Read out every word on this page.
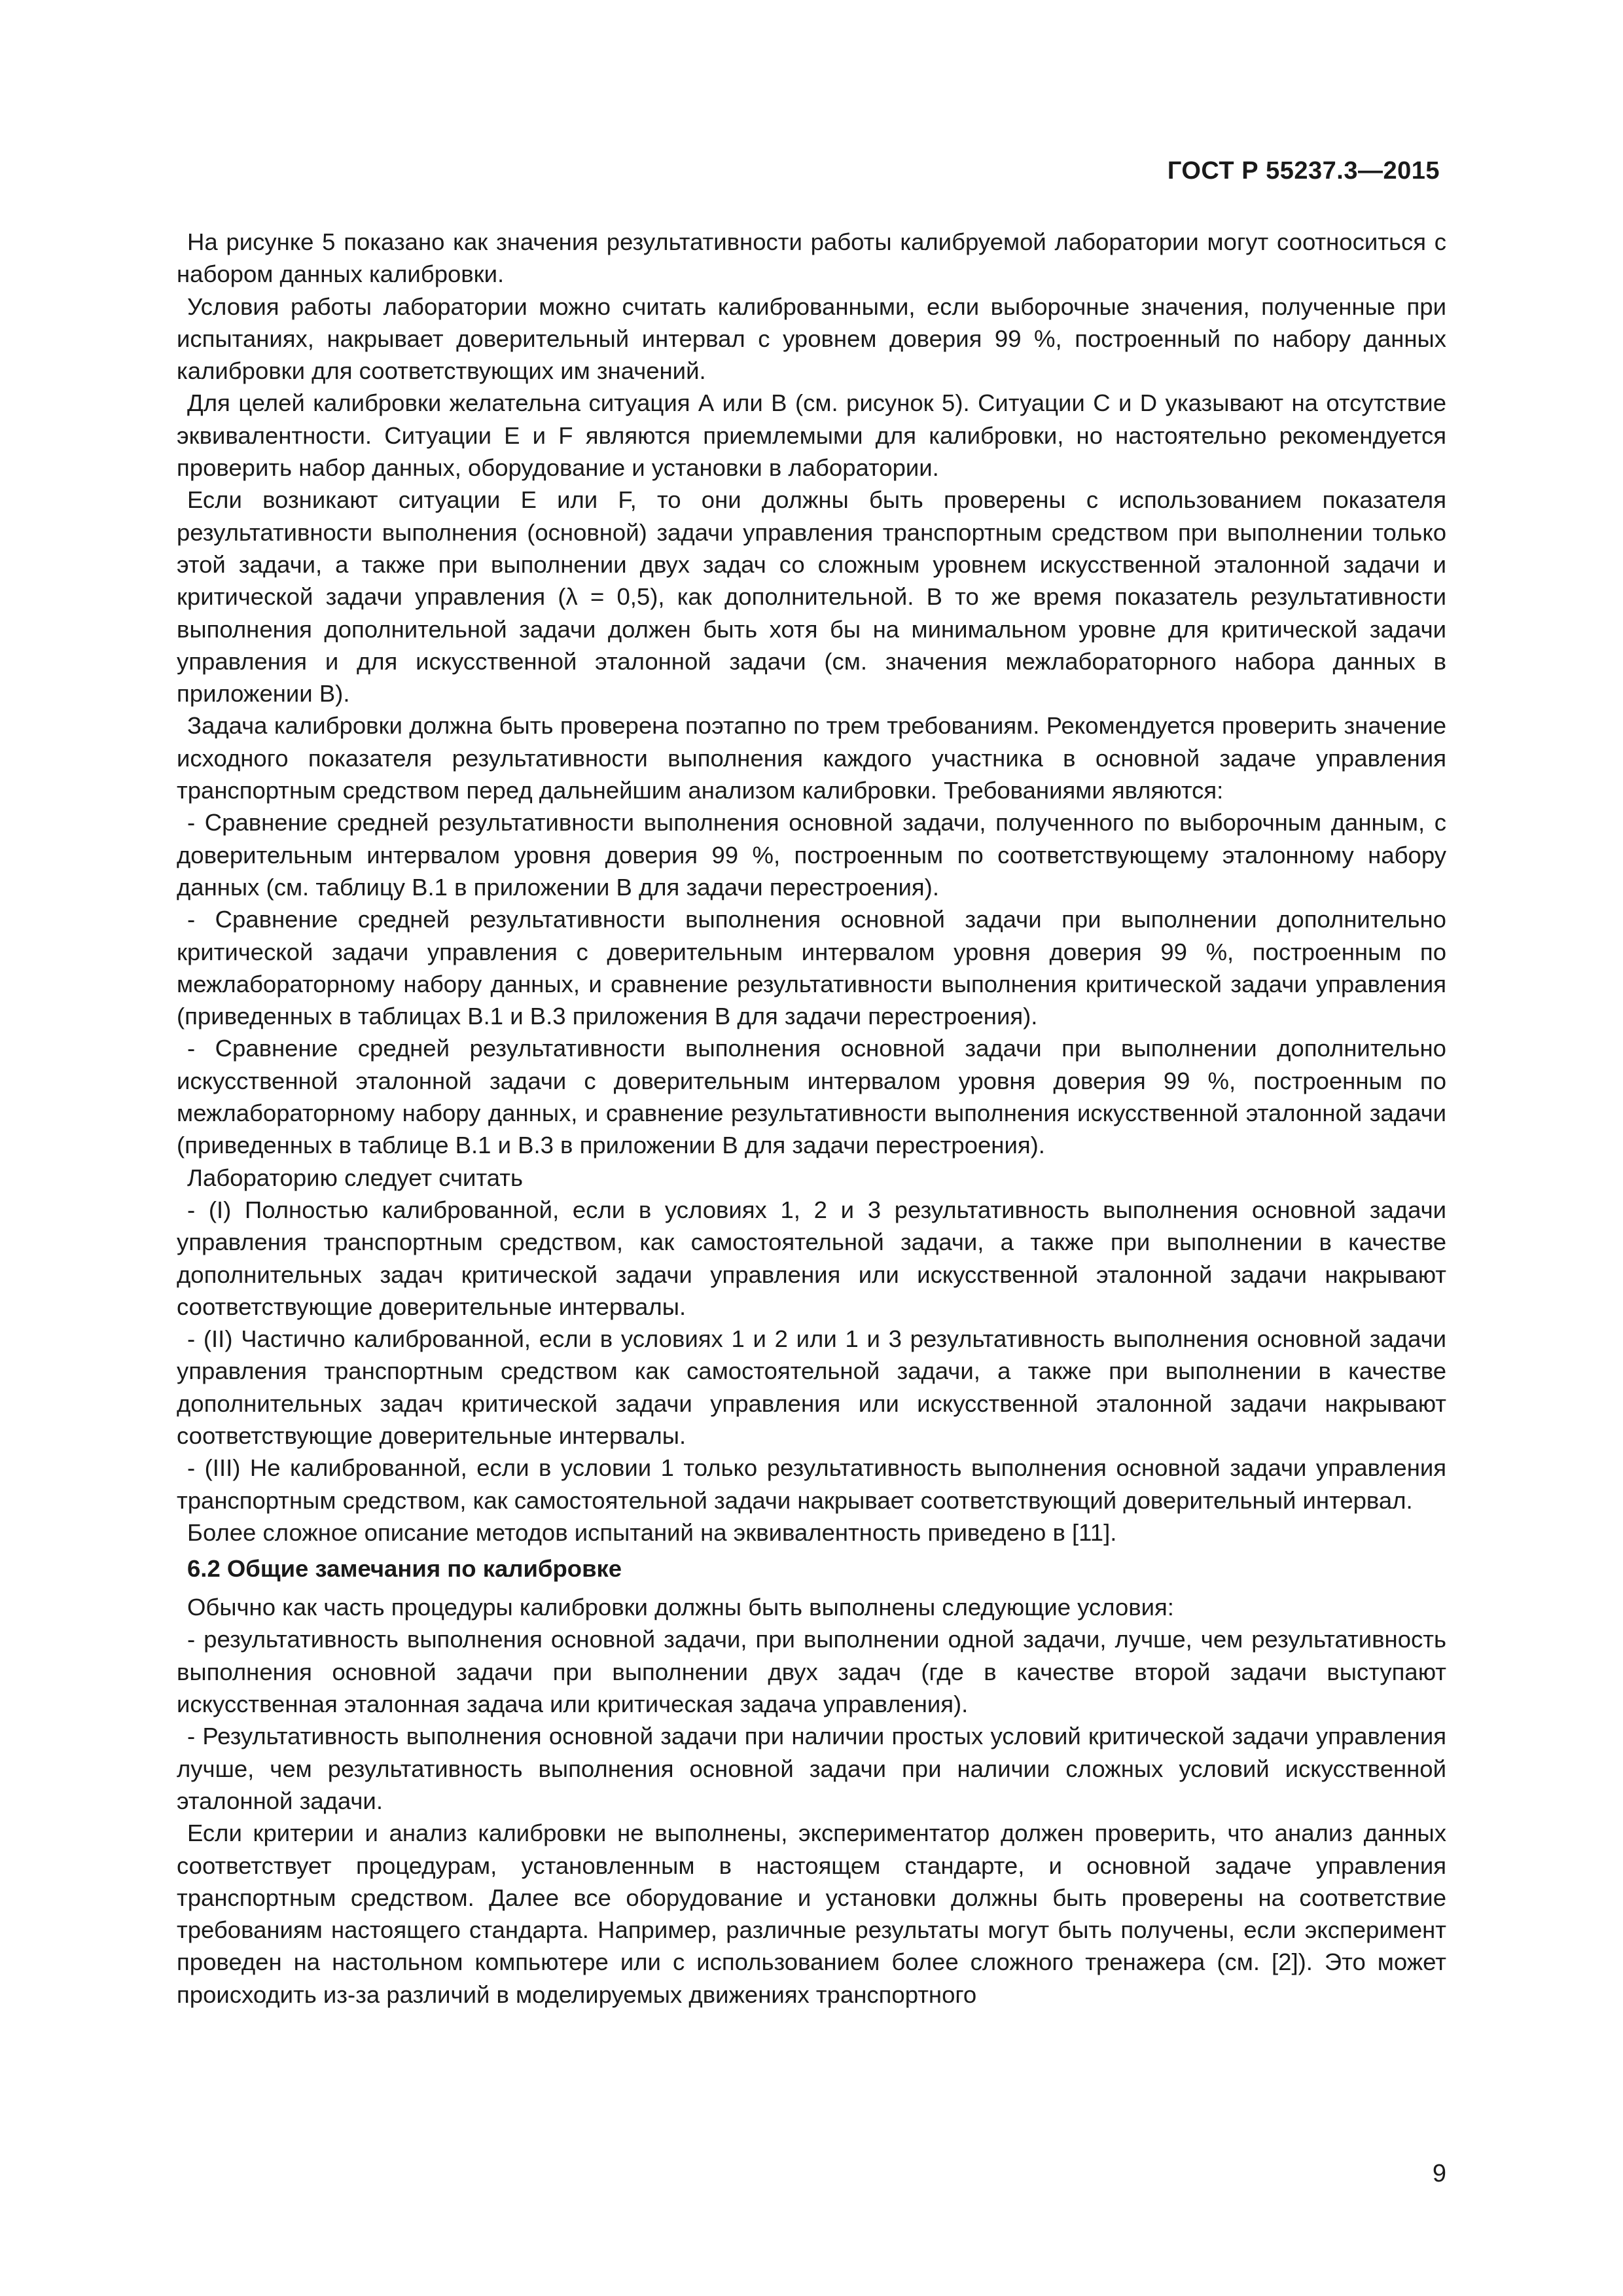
ГОСТ Р 55237.3—2015

На рисунке 5 показано как значения результативности работы калибруемой лаборатории могут соотноситься с набором данных калибровки.

Условия работы лаборатории можно считать калиброванными, если выборочные значения, полученные при испытаниях, накрывает доверительный интервал с уровнем доверия 99 %, построенный по набору данных калибровки для соответствующих им значений.

Для целей калибровки желательна ситуация А или В (см. рисунок 5). Ситуации С и D указывают на отсутствие эквивалентности. Ситуации Е и F являются приемлемыми для калибровки, но настоятельно рекомендуется проверить набор данных, оборудование и установки в лаборатории.

Если возникают ситуации Е или F, то они должны быть проверены с использованием показателя результативности выполнения (основной) задачи управления транспортным средством при выполнении только этой задачи, а также при выполнении двух задач со сложным уровнем искусственной эталонной задачи и критической задачи управления (λ = 0,5), как дополнительной. В то же время показатель результативности выполнения дополнительной задачи должен быть хотя бы на минимальном уровне для критической задачи управления и для искусственной эталонной задачи (см. значения межлабораторного набора данных в приложении В).

Задача калибровки должна быть проверена поэтапно по трем требованиям. Рекомендуется проверить значение исходного показателя результативности выполнения каждого участника в основной задаче управления транспортным средством перед дальнейшим анализом калибровки. Требованиями являются:

- Сравнение средней результативности выполнения основной задачи, полученного по выборочным данным, с доверительным интервалом уровня доверия 99 %, построенным по соответствующему эталонному набору данных (см. таблицу В.1 в приложении В для задачи перестроения).

- Сравнение средней результативности выполнения основной задачи при выполнении дополнительно критической задачи управления с доверительным интервалом уровня доверия 99 %, построенным по межлабораторному набору данных, и сравнение результативности выполнения критической задачи управления (приведенных в таблицах В.1 и В.3 приложения В для задачи перестроения).

- Сравнение средней результативности выполнения основной задачи при выполнении дополнительно искусственной эталонной задачи с доверительным интервалом уровня доверия 99 %, построенным по межлабораторному набору данных, и сравнение результативности выполнения искусственной эталонной задачи (приведенных в таблице В.1 и В.3 в приложении В для задачи перестроения).

Лабораторию следует считать

- (I) Полностью калиброванной, если в условиях 1, 2 и 3 результативность выполнения основной задачи управления транспортным средством, как самостоятельной задачи, а также при выполнении в качестве дополнительных задач критической задачи управления или искусственной эталонной задачи накрывают соответствующие доверительные интервалы.

- (II) Частично калиброванной, если в условиях 1 и 2 или 1 и 3 результативность выполнения основной задачи управления транспортным средством как самостоятельной задачи, а также при выполнении в качестве дополнительных задач критической задачи управления или искусственной эталонной задачи накрывают соответствующие доверительные интервалы.

- (III) Не калиброванной, если в условии 1 только результативность выполнения основной задачи управления транспортным средством, как самостоятельной задачи накрывает соответствующий доверительный интервал.

Более сложное описание методов испытаний на эквивалентность приведено в [11].

6.2 Общие замечания по калибровке

Обычно как часть процедуры калибровки должны быть выполнены следующие условия:

- результативность выполнения основной задачи, при выполнении одной задачи, лучше, чем результативность выполнения основной задачи при выполнении двух задач (где в качестве второй задачи выступают искусственная эталонная задача или критическая задача управления).

- Результативность выполнения основной задачи при наличии простых условий критической задачи управления лучше, чем результативность выполнения основной задачи при наличии сложных условий искусственной эталонной задачи.

Если критерии и анализ калибровки не выполнены, экспериментатор должен проверить, что анализ данных соответствует процедурам, установленным в настоящем стандарте, и основной задаче управления транспортным средством. Далее все оборудование и установки должны быть проверены на соответствие требованиям настоящего стандарта. Например, различные результаты могут быть получены, если эксперимент проведен на настольном компьютере или с использованием более сложного тренажера (см. [2]). Это может происходить из-за различий в моделируемых движениях транспортного

9
